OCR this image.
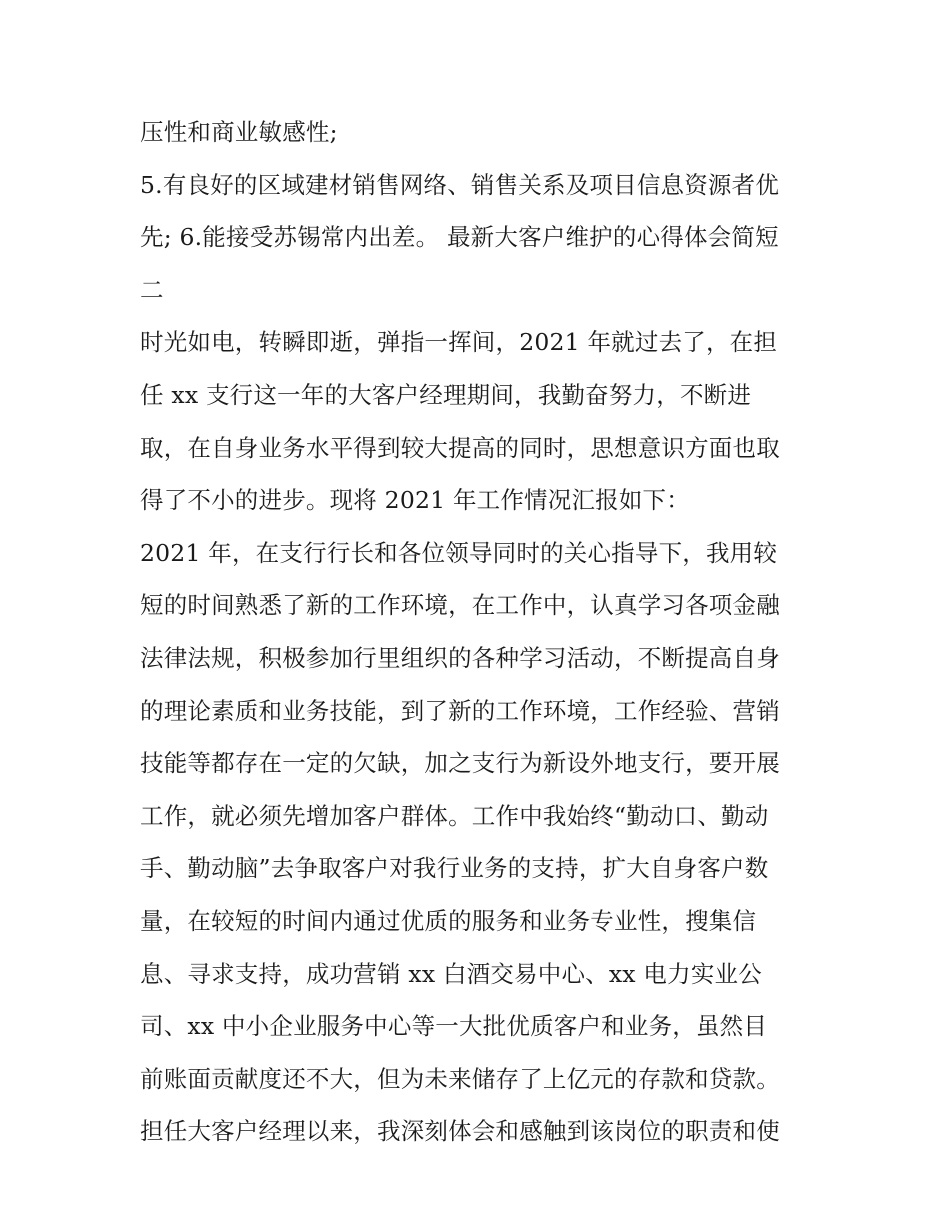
压性和商业敏感性;
5.有良好的区域建材销售网络、销售关系及项目信息资源者优
先; 6.能接受苏锡常内出差。 最新大客户维护的心得体会简短
二
时光如电，转瞬即逝，弹指一挥间，2021 年就过去了，在担
任 xx 支行这一年的大客户经理期间，我勤奋努力，不断进
取，在自身业务水平得到较大提高的同时，思想意识方面也取
得了不小的进步。现将 2021 年工作情况汇报如下：
2021 年，在支行行长和各位领导同时的关心指导下，我用较
短的时间熟悉了新的工作环境，在工作中，认真学习各项金融
法律法规，积极参加行里组织的各种学习活动，不断提高自身
的理论素质和业务技能，到了新的工作环境，工作经验、营销
技能等都存在一定的欠缺，加之支行为新设外地支行，要开展
工作，就必须先增加客户群体。工作中我始终“勤动口、勤动
手、勤动脑”去争取客户对我行业务的支持，扩大自身客户数
量，在较短的时间内通过优质的服务和业务专业性，搜集信
息、寻求支持，成功营销 xx 白酒交易中心、xx 电力实业公
司、xx 中小企业服务中心等一大批优质客户和业务，虽然目
前账面贡献度还不大，但为未来储存了上亿元的存款和贷款。
担任大客户经理以来，我深刻体会和感触到该岗位的职责和使
